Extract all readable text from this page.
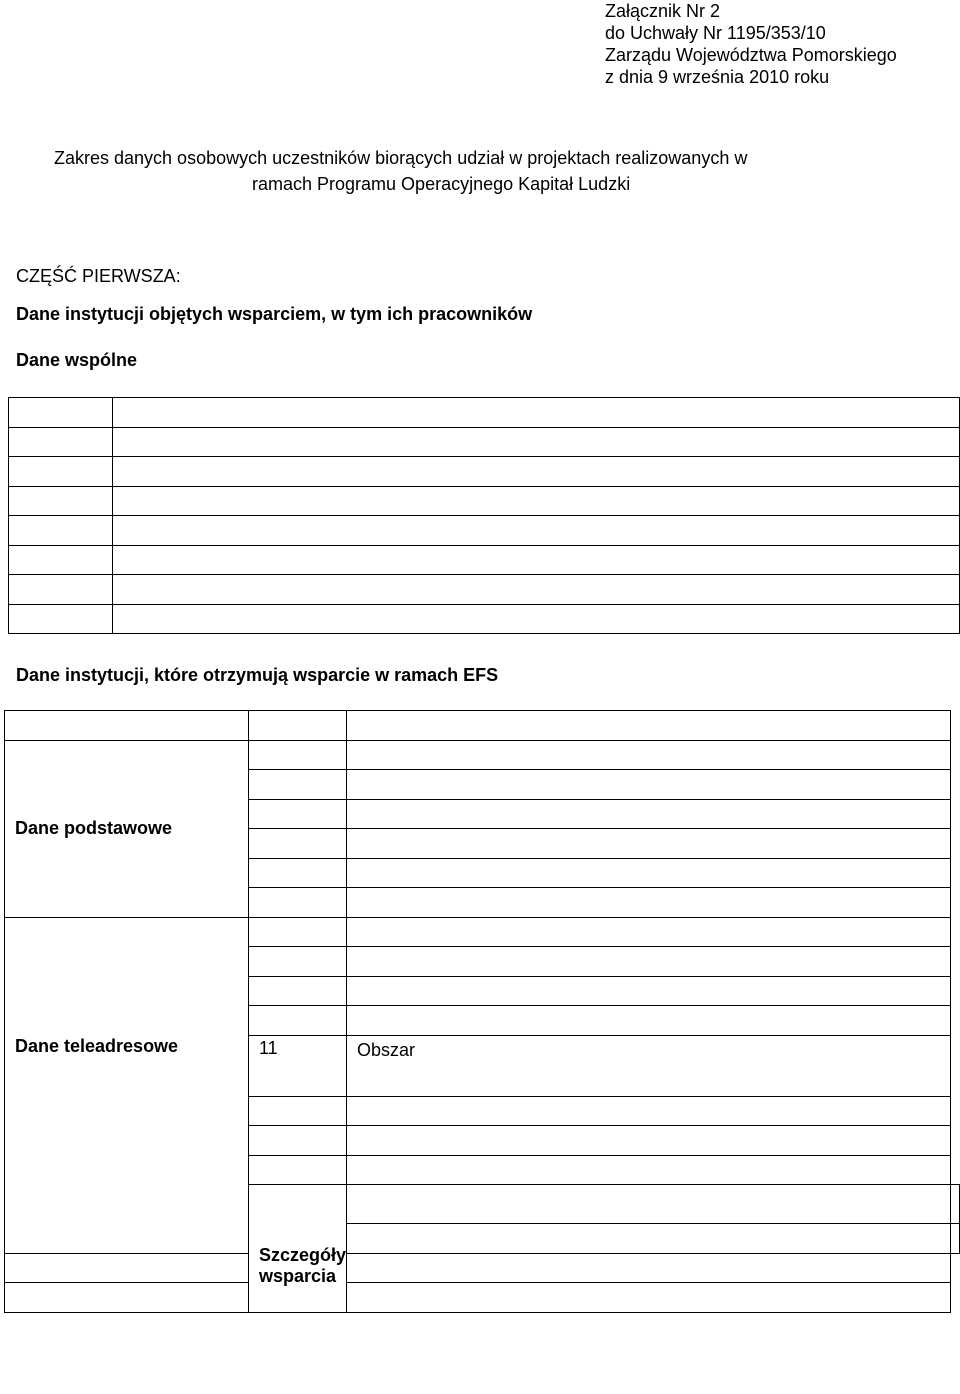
Załącznik Nr 2
do Uchwały Nr 1195/353/10
Zarządu Województwa Pomorskiego
z dnia 9 września 2010 roku
Zakres danych osobowych uczestników biorących udział w projektach realizowanych w
ramach Programu Operacyjnego Kapitał Ludzki
CZĘŚĆ PIERWSZA:
Dane instytucji objętych wsparciem, w tym ich pracowników
Dane wspólne

Dane instytucji, które otrzymują wsparcie w ramach EFS

Dane podstawowe			

Dane teleadresowe			

	11	Obszar	

	Szczegóły wsparcia		
